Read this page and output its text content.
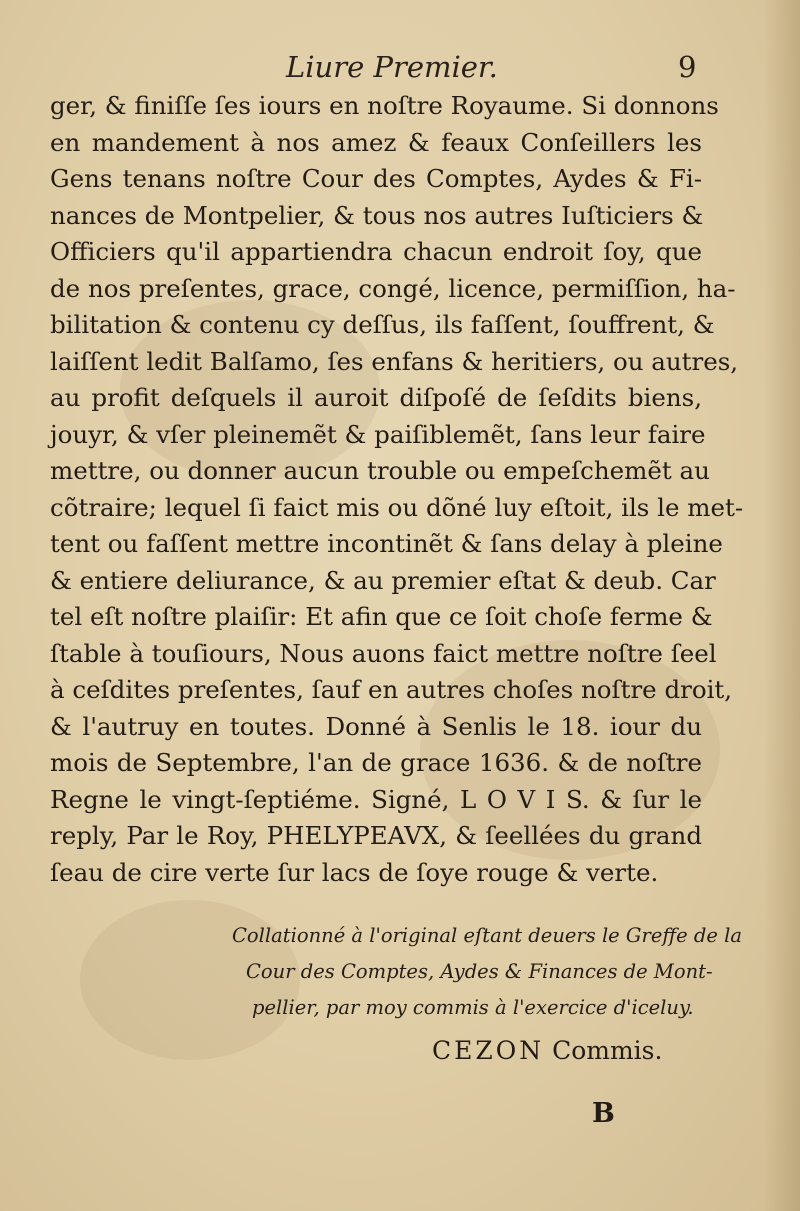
Liure Premier.	9
ger, & finiſſe ſes iours en noſtre Royaume. Si donnons
en mandement à nos amez & feaux Conſeillers les
Gens tenans noſtre Cour des Comptes, Aydes & Fi-
nances de Montpelier, & tous nos autres Iuſticiers &
Officiers qu'il appartiendra chacun endroit ſoy, que
de nos preſentes, grace, congé, licence, permiſſion, ha-
bilitation & contenu cy deſſus, ils faſſent, ſouffrent, &
laiſſent ledit Balſamo, ſes enfans & heritiers, ou autres,
au profit deſquels il auroit diſpoſé de ſeſdits biens,
jouyr, & vſer pleinemẽt & paiſiblemẽt, ſans leur faire
mettre, ou donner aucun trouble ou empeſchemẽt au
cõtraire; lequel ſi faict mis ou dõné luy eſtoit, ils le met-
tent ou faſſent mettre incontinẽt & ſans delay à pleine
& entiere deliurance, & au premier eſtat & deub. Car
tel eſt noſtre plaiſir: Et afin que ce ſoit choſe ferme &
ſtable à touſiours, Nous auons faict mettre noſtre ſeel
à ceſdites preſentes, ſauf en autres choſes noſtre droit,
& l'autruy en toutes. Donné à Senlis le 18. iour du
mois de Septembre, l'an de grace 1636. & de noſtre
Regne le vingt-ſeptiéme. Signé, L O V I S. & ſur le
reply, Par le Roy, PHELYPEAVX, & ſeellées du grand
ſeau de cire verte ſur lacs de ſoye rouge & verte.
Collationné à l'original eſtant deuers le Greffe de la
Cour des Comptes, Aydes & Finances de Mont-
pellier, par moy commis à l'exercice d'iceluy.
CEZON Commis.
B
